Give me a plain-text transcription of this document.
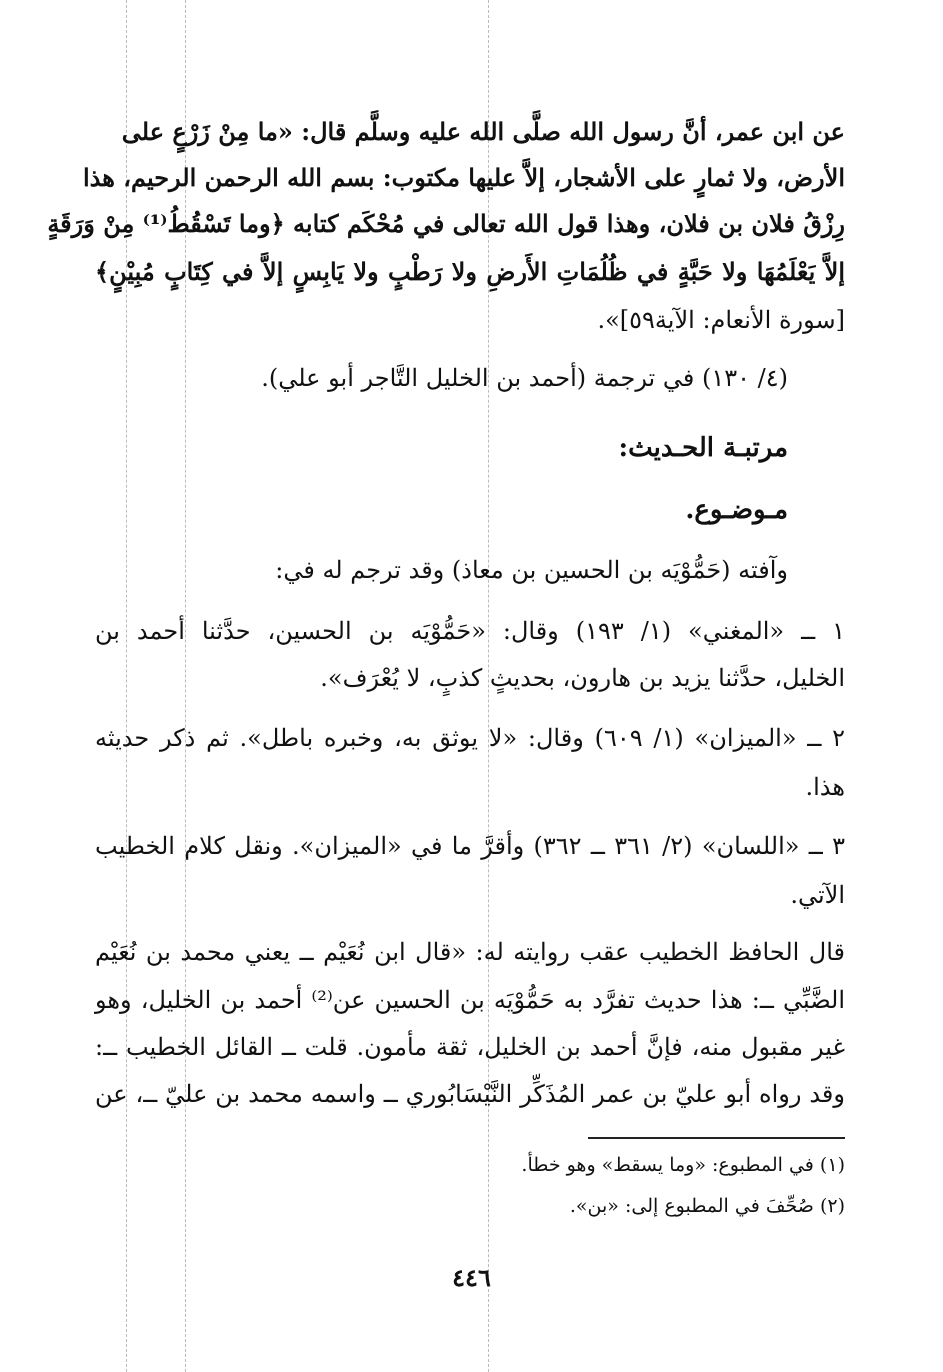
عن ابن عمر، أنَّ رسول الله صلَّى الله عليه وسلَّم قال: «ما مِنْ زَرْعٍ على
الأرض، ولا ثمارٍ على الأشجار، إلاَّ عليها مكتوب: بسم الله الرحمن الرحيم، هذا
رِزْقُ فلان بن فلان، وهذا قول الله تعالى في مُحْكَم كتابه ﴿وما تَسْقُطُ⁽¹⁾ مِنْ وَرَقَةٍ
إلاَّ يَعْلَمُهَا ولا حَبَّةٍ في ظُلُمَاتِ الأَرضِ ولا رَطْبٍ ولا يَابِسٍ إلاَّ في كِتَابٍ مُبِيْنٍ﴾
[سورة الأنعام: الآية٥٩]».
(٤/ ١٣٠) في ترجمة (أحمد بن الخليل التَّاجر أبو علي).
مرتبـة الحـديث:
مـوضـوع.
وآفته (حَمُّوْيَه بن الحسين بن معاذ) وقد ترجم له في:
١ ــ «المغني» (١/ ١٩٣) وقال: «حَمُّوْيَه بن الحسين، حدَّثنا أحمد بن
الخليل، حدَّثنا يزيد بن هارون، بحديثٍ كذبٍ، لا يُعْرَف».
٢ ــ «الميزان» (١/ ٦٠٩) وقال: «لا يوثق به، وخبره باطل». ثم ذكر حديثه
هذا.
٣ ــ «اللسان» (٢/ ٣٦١ ــ ٣٦٢) وأقرَّ ما في «الميزان». ونقل كلام الخطيب
الآتي.
قال الحافظ الخطيب عقب روايته له: «قال ابن نُعَيْم ــ يعني محمد بن نُعَيْم
الضَّبِّي ــ: هذا حديث تفرَّد به حَمُّوْيَه بن الحسين عن⁽²⁾ أحمد بن الخليل، وهو
غير مقبول منه، فإنَّ أحمد بن الخليل، ثقة مأمون. قلت ــ القائل الخطيب ــ:
وقد رواه أبو عليّ بن عمر المُذَكِّر النَّيْسَابُوري ــ واسمه محمد بن عليّ ــ، عن
(١) في المطبوع: «وما يسقط» وهو خطأ.
(٢) صُحِّفَ في المطبوع إلى: «بن».
٤٤٦
